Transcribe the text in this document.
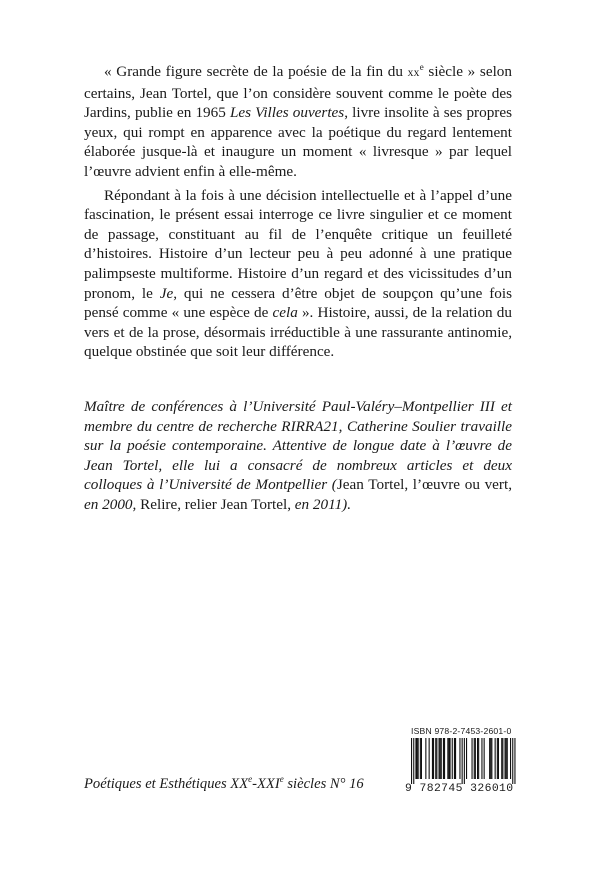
« Grande figure secrète de la poésie de la fin du $xx^e$ siècle » selon certains, Jean Tortel, que l’on considère souvent comme le poète des Jardins, publie en 1965 Les Villes ouvertes, livre insolite à ses propres yeux, qui rompt en apparence avec la poétique du regard lentement élaborée jusque-là et inaugure un moment « livresque » par lequel l’œuvre advient enfin à elle-même.

Répondant à la fois à une décision intellectuelle et à l’appel d’une fascination, le présent essai interroge ce livre singulier et ce moment de passage, constituant au fil de l’enquête critique un feuilleté d’histoires. Histoire d’un lecteur peu à peu adonné à une pratique palimpseste multiforme. Histoire d’un regard et des vicissitudes d’un pronom, le Je, qui ne cessera d’être objet de soupçon qu’une fois pensé comme « une espèce de cela ». Histoire, aussi, de la relation du vers et de la prose, désormais irréductible à une rassurante antinomie, quelque obstinée que soit leur différence.

Maître de conférences à l’Université Paul-Valéry–Montpellier III et membre du centre de recherche RIRRA21, Catherine Soulier travaille sur la poésie contemporaine. Attentive de longue date à l’œuvre de Jean Tortel, elle lui a consacré de nombreux articles et deux colloques à l’Université de Montpellier (Jean Tortel, l’œuvre ou vert, en 2000, Relire, relier Jean Tortel, en 2011).
Poétiques et Esthétiques XXe-XXIe siècles N° 16
ISBN 978-2-7453-2601-0
9 782745 326010
